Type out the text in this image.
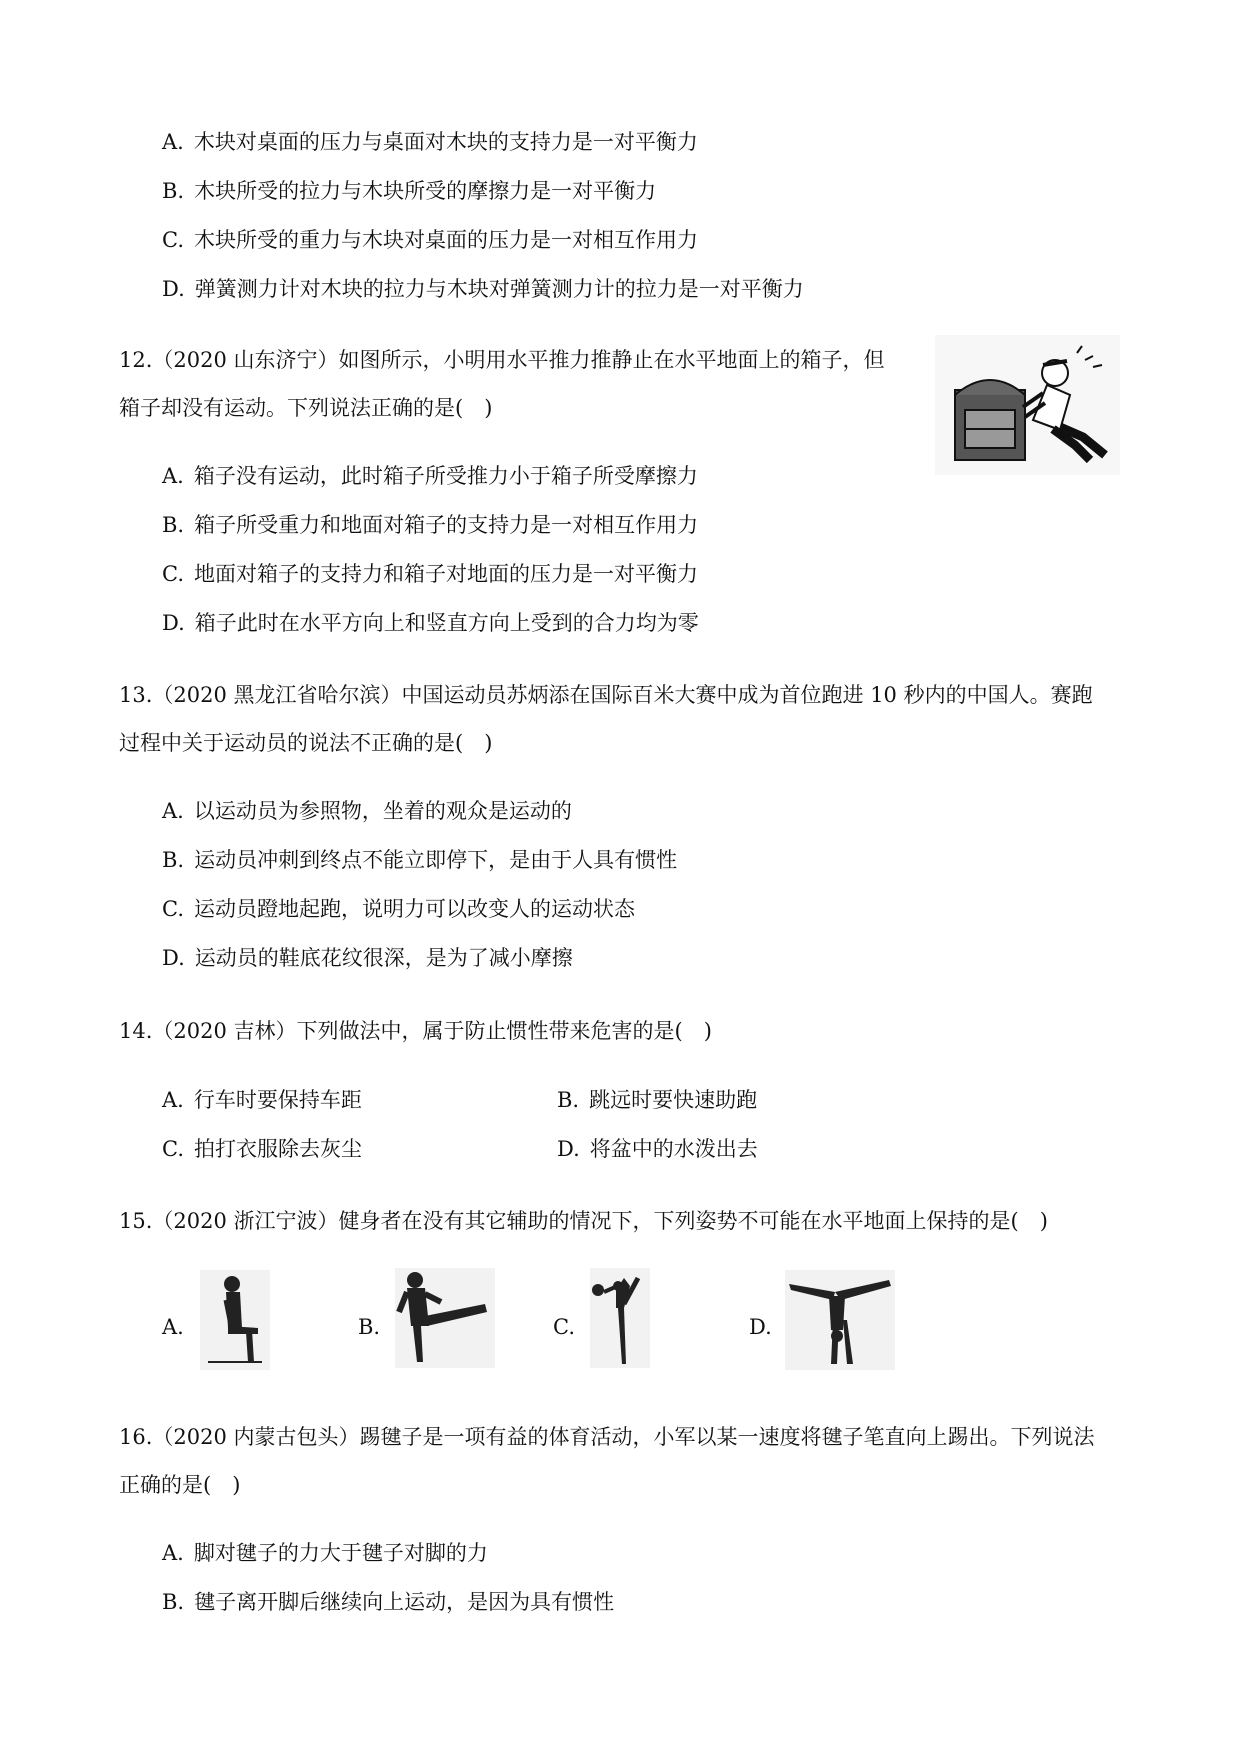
A. 木块对桌面的压力与桌面对木块的支持力是一对平衡力
B. 木块所受的拉力与木块所受的摩擦力是一对平衡力
C. 木块所受的重力与木块对桌面的压力是一对相互作用力
D. 弹簧测力计对木块的拉力与木块对弹簧测力计的拉力是一对平衡力
12.（2020 山东济宁）如图所示，小明用水平推力推静止在水平地面上的箱子，但
箱子却没有运动。下列说法正确的是(　)
A. 箱子没有运动，此时箱子所受推力小于箱子所受摩擦力
B. 箱子所受重力和地面对箱子的支持力是一对相互作用力
C. 地面对箱子的支持力和箱子对地面的压力是一对平衡力
D. 箱子此时在水平方向上和竖直方向上受到的合力均为零
13.（2020 黑龙江省哈尔滨）中国运动员苏炳添在国际百米大赛中成为首位跑进 10 秒内的中国人。赛跑
过程中关于运动员的说法不正确的是(　)
A. 以运动员为参照物，坐着的观众是运动的
B. 运动员冲刺到终点不能立即停下，是由于人具有惯性
C. 运动员蹬地起跑，说明力可以改变人的运动状态
D. 运动员的鞋底花纹很深，是为了减小摩擦
14.（2020 吉林）下列做法中，属于防止惯性带来危害的是(　)
A. 行车时要保持车距	B. 跳远时要快速助跑
C. 拍打衣服除去灰尘	D. 将盆中的水泼出去
15.（2020 浙江宁波）健身者在没有其它辅助的情况下，下列姿势不可能在水平地面上保持的是(　)
A.	B.	C.	D.
16.（2020 内蒙古包头）踢毽子是一项有益的体育活动，小军以某一速度将毽子笔直向上踢出。下列说法
正确的是(　)
A. 脚对毽子的力大于毽子对脚的力
B. 毽子离开脚后继续向上运动，是因为具有惯性
